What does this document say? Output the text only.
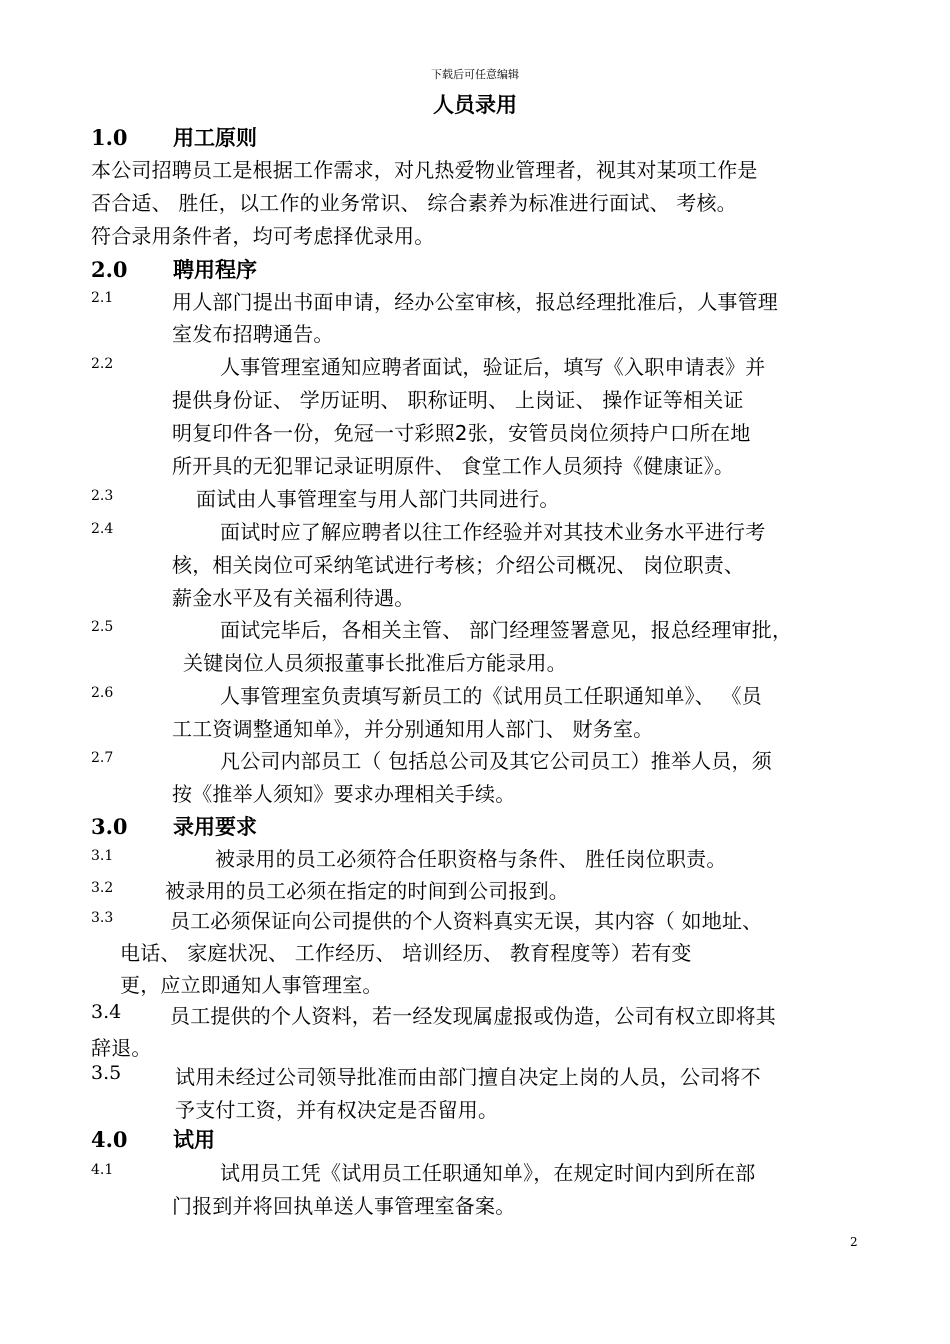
下载后可任意编辑
人员录用
1.0 用工原则
本公司招聘员工是根据工作需求，对凡热爱物业管理者，视其对某项工作是
否合适、 胜任，以工作的业务常识、 综合素养为标准进行面试、 考核。
符合录用条件者，均可考虑择优录用。
2.0 聘用程序
2.1	用人部门提出书面申请，经办公室审核，报总经理批准后，人事管理
室发布招聘通告。
2.2	人事管理室通知应聘者面试，验证后，填写《入职申请表》并
提供身份证、 学历证明、 职称证明、 上岗证、 操作证等相关证
明复印件各一份，免冠一寸彩照2张，安管员岗位须持户口所在地
所开具的无犯罪记录证明原件、 食堂工作人员须持《健康证》。
2.3	面试由人事管理室与用人部门共同进行。
2.4	面试时应了解应聘者以往工作经验并对其技术业务水平进行考
核，相关岗位可采纳笔试进行考核；介绍公司概况、 岗位职责、
薪金水平及有关福利待遇。
2.5	面试完毕后，各相关主管、 部门经理签署意见，报总经理审批，
关键岗位人员须报董事长批准后方能录用。
2.6	人事管理室负责填写新员工的《试用员工任职通知单》、 《员
工工资调整通知单》，并分别通知用人部门、 财务室。
2.7	凡公司内部员工（ 包括总公司及其它公司员工）推举人员，须
按《推举人须知》要求办理相关手续。
3.0 录用要求
3.1	被录用的员工必须符合任职资格与条件、 胜任岗位职责。
3.2	被录用的员工必须在指定的时间到公司报到。
3.3	员工必须保证向公司提供的个人资料真实无误，其内容（ 如地址、
电话、 家庭状况、 工作经历、 培训经历、 教育程度等）若有变
更，应立即通知人事管理室。
3.4 员工提供的个人资料，若一经发现属虚报或伪造，公司有权立即将其
辞退。
3.5	试用未经过公司领导批准而由部门擅自决定上岗的人员，公司将不
予支付工资，并有权决定是否留用。
4.0 试用
4.1	试用员工凭《试用员工任职通知单》，在规定时间内到所在部
门报到并将回执单送人事管理室备案。
2
